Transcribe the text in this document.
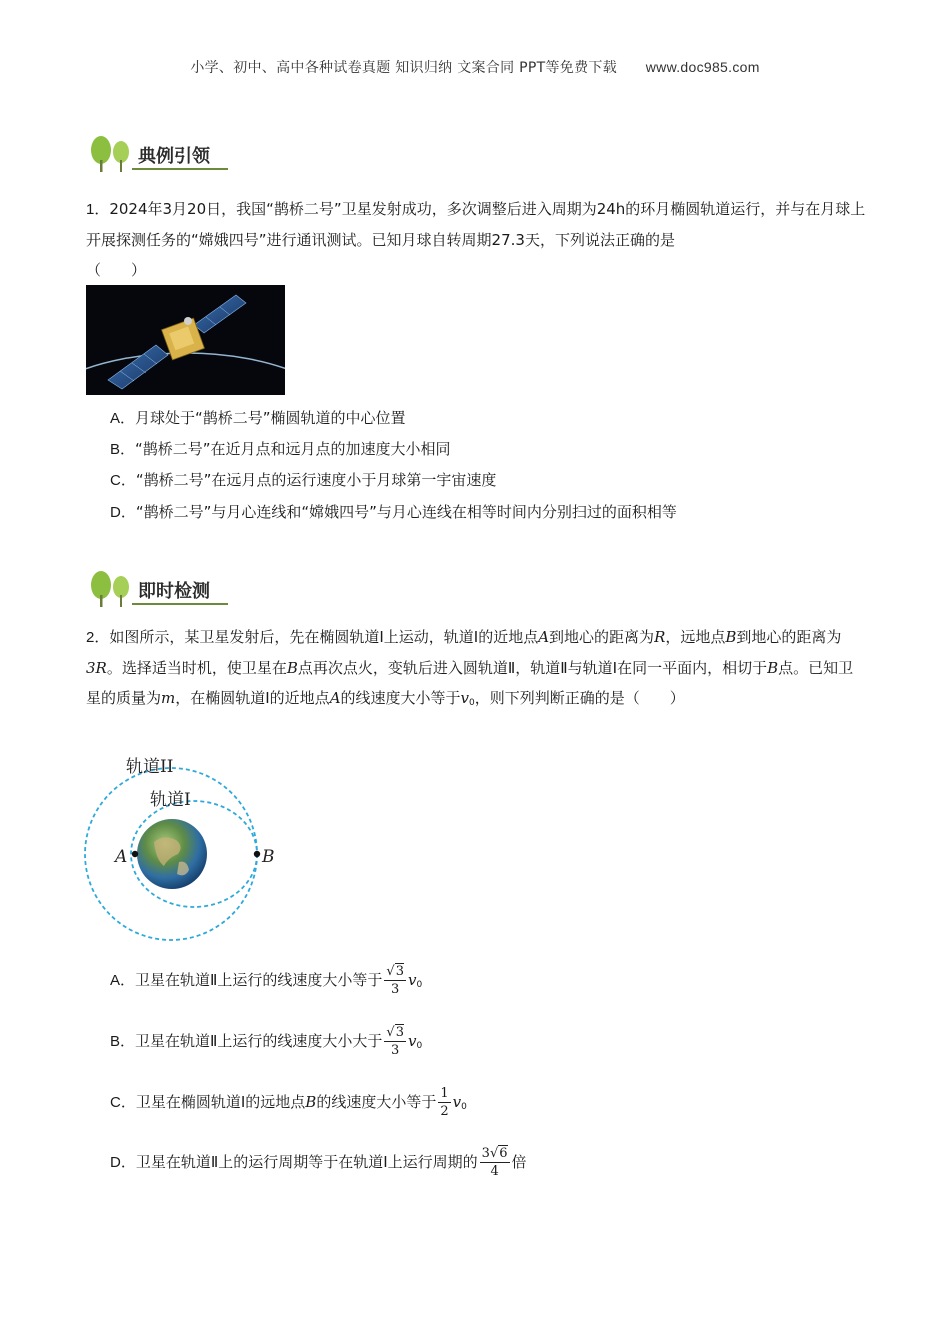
小学、初中、高中各种试卷真题 知识归纳 文案合同 PPT等免费下载 www.doc985.com
典例引领
1．2024年3月20日，我国“鹊桥二号”卫星发射成功，多次调整后进入周期为24h的环月椭圆轨道运行，并与在月球上开展探测任务的“嫦娥四号”进行通讯测试。已知月球自转周期27.3天，下列说法正确的是
（　　）
A．月球处于“鹊桥二号”椭圆轨道的中心位置
B．“鹊桥二号”在近月点和远月点的加速度大小相同
C．“鹊桥二号”在远月点的运行速度小于月球第一宇宙速度
D．“鹊桥二号”与月心连线和“嫦娥四号”与月心连线在相等时间内分别扫过的面积相等
即时检测
2．如图所示，某卫星发射后，先在椭圆轨道Ⅰ上运动，轨道Ⅰ的近地点A到地心的距离为R，远地点B到地心的距离为3R。选择适当时机，使卫星在B点再次点火，变轨后进入圆轨道Ⅱ，轨道Ⅱ与轨道Ⅰ在同一平面内，相切于B点。已知卫星的质量为m，在椭圆轨道Ⅰ的近地点A的线速度大小等于$v_0$，则下列判断正确的是（　　）
轨道II
轨道I
A	B
A．卫星在轨道Ⅱ上运行的线速度大小等于 $\frac{√3}{3} v_0$
B．卫星在轨道Ⅱ上运行的线速度大小大于 $\frac{√3}{3} v_0$
C．卫星在椭圆轨道Ⅰ的远地点B的线速度大小等于 $\frac{1}{2} v_0$
D．卫星在轨道Ⅱ上的运行周期等于在轨道Ⅰ上运行周期的 $\frac{3√6}{4}$ 倍
